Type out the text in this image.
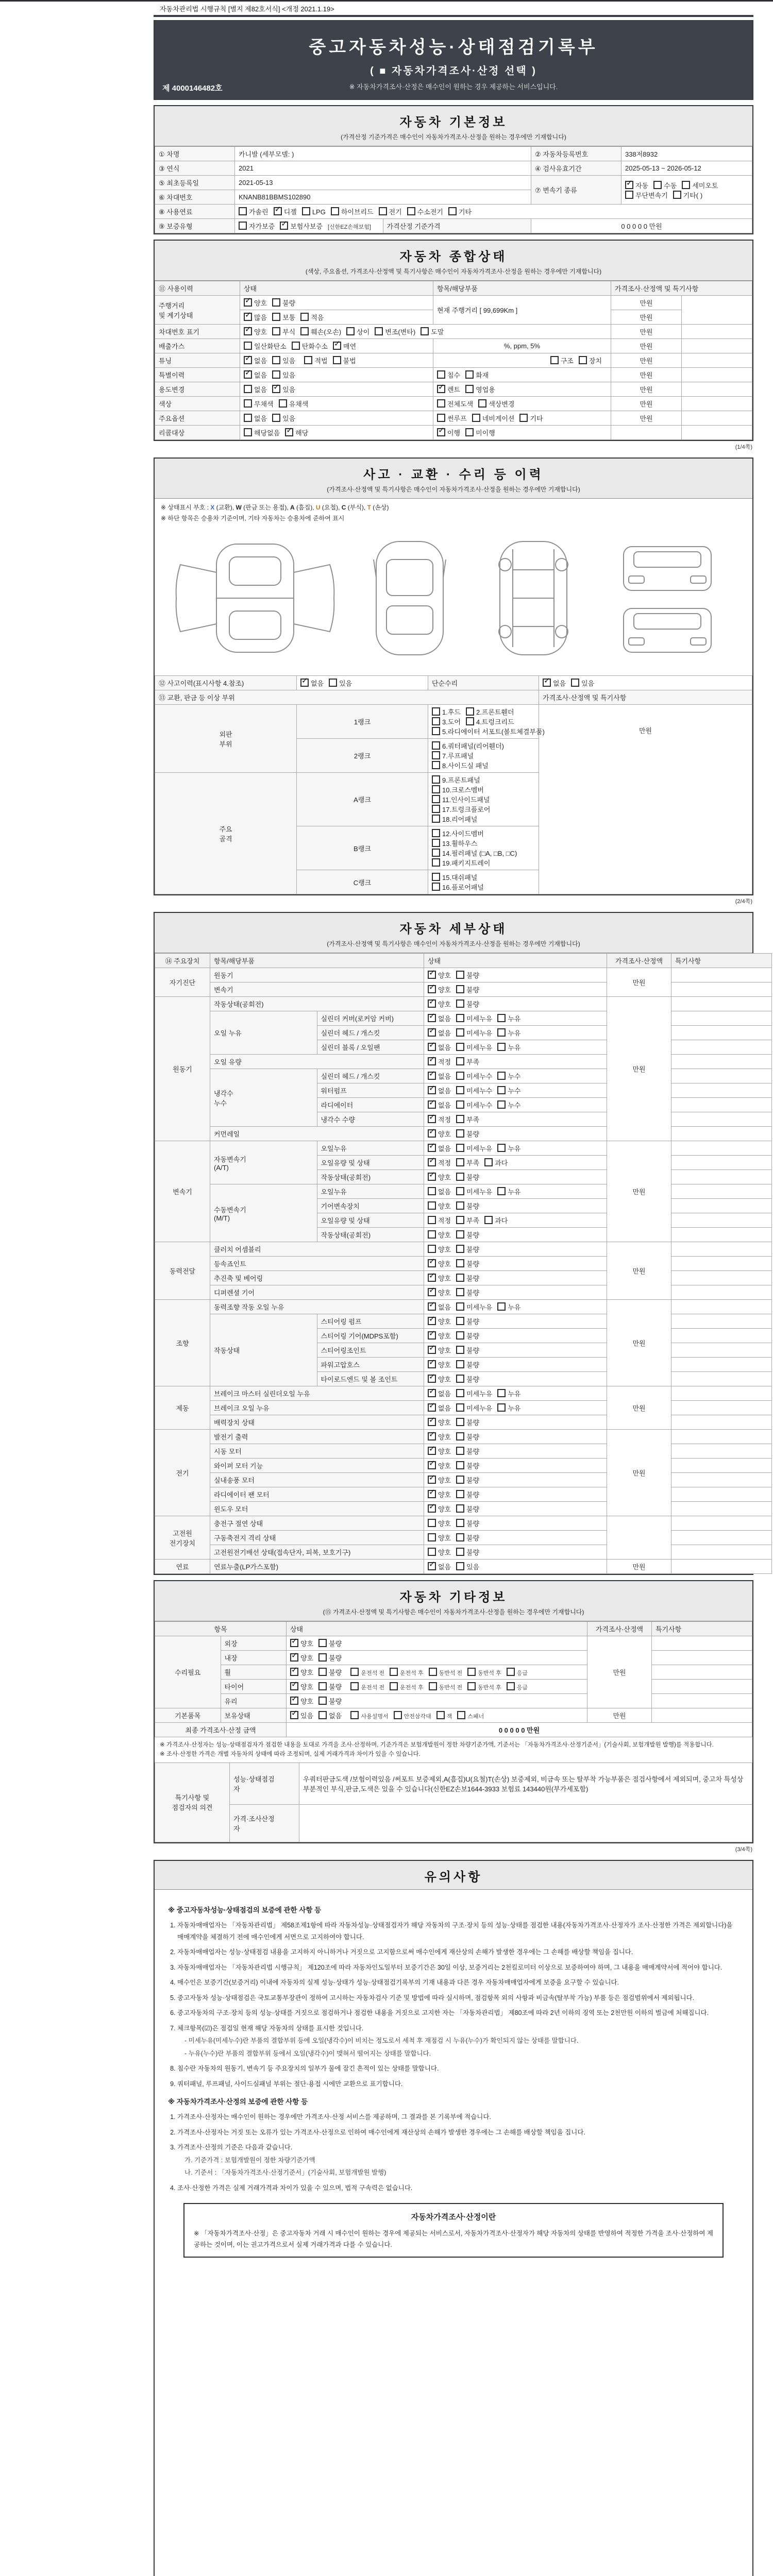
자동차관리법 시행규칙 [별지 제82호서식] <개정 2021.1.19>
중고자동차성능·상태점검기록부
( ■ 자동차가격조사·산정 선택 )
※ 자동차가격조사·산정은 매수인이 원하는 경우 제공하는 서비스입니다.
제 4000146482호
자동차 기본정보
(가격산정 기준가격은 매수인이 자동차가격조사·산정을 원하는 경우에만 기재합니다)
① 차명	카니발 (세부모델: )		② 자동차등록번호	338저8932
③ 연식	2021		④ 검사유효기간	2025-05-13 ~ 2026-05-12
⑤ 최초등록일	2021-05-13		⑦ 변속기 종류	✓자동 수동 세미오토
무단변속기 기타( )
⑥ 차대번호	KNANB81BBMS102890			
⑧ 사용연료	가솔린 ✓ 디젤 LPG 하이브리드 전기 수소전기 기타
⑨ 보증유형	자가보증 ✓ 보험사보증 [신한EZ손해보험]	가격산정 기준가격	0 0 0 0 0 만원	
자동차 종합상태
(색상, 주요옵션, 가격조사·산정액 및 특기사항은 매수인이 자동차가격조사·산정을 원하는 경우에만 기재합니다)
⑪ 사용이력	상태	항목/해당부품	가격조사·산정액 및 특기사항	
주행거리
및 계기상태	✓양호 불량	현재 주행거리 [ 99,699Km ]	만원	
✓많음 보통 적음		만원	
차대번호 표기	✓양호 부식 훼손(오손) 상이 변조(변타) 도말		만원	
배출가스	일산화탄소 탄화수소 ✓ 매연	%, ppm, 5%	만원	
튜닝	✓없음 있음 적법 불법	구조 장치	만원	
특별이력	✓없음 있음	침수 화재	만원	
용도변경	없음 ✓ 있음	✓렌트 영업용	만원	
색상	무채색 유채색	전체도색 색상변경	만원	
주요옵션	없음 있음	썬루프 네비게이션 기타	만원	
리콜대상	해당없음 ✓ 해당	✓이행 미이행		
(1/4쪽)
사고 · 교환 · 수리 등 이력
(가격조사·산정액 및 특기사항은 매수인이 자동차가격조사·산정을 원하는 경우에만 기재합니다)
※ 상태표시 부호 : X (교환), W (판금 또는 용접), A (흠집), U (요철), C (부식), T (손상)
※ 하단 항목은 승용차 기준이며, 기타 자동차는 승용차에 준하여 표시
⑫ 사고이력(표시사항 4.참조)	✓없음 있음	단순수리	✓없음 있음
⑬ 교환, 판금 등 이상 부위			가격조사·산정액 및 특기사항
외판
부위	1랭크	1.후드 2.프론트휀더3.도어 4.트렁크리드5.라디에이터 서포트(볼트체결부품)	만원
	2랭크	6.쿼터패널(리어휀더)7.루프패널8.사이드실 패널	
주요
골격	A랭크	9.프론트패널10.크로스멤버11.인사이드패널17.트렁크플로어18.리어패널	
	B랭크	12.사이드멤버13.휠하우스14.필러패널 (□A, □B, □C)19.패키지트레이	
	C랭크	15.대쉬패널16.플로어패널	
(2/4쪽)
자동차 세부상태
(가격조사·산정액 및 특기사항은 매수인이 자동차가격조사·산정을 원하는 경우에만 기재합니다)
⑭ 주요장치	항목/해당부품		상태	가격조사·산정액	특기사항
자기진단	원동기	✓양호 불량	만원	
	변속기	✓양호 불량	
원동기	작동상태(공회전)	✓양호 불량	만원	
	오일 누유	실린더 커버(로커암 커버)	✓없음 미세누유 누유	
		실린더 헤드 / 개스킷	✓없음 미세누유 누유	
		실린더 블록 / 오일팬	✓없음 미세누유 누유	
	오일 유량	✓적정 부족	
	냉각수
누수	실린더 헤드 / 개스킷	✓없음 미세누수 누수	
		워터펌프	✓없음 미세누수 누수	
		라디에이터	✓없음 미세누수 누수	
		냉각수 수량	✓적정 부족	
	커먼레일	✓양호 불량	
변속기	자동변속기
(A/T)	오일누유	✓없음 미세누유 누유	만원	
		오일유량 및 상태	✓적정 부족 과다	
		작동상태(공회전)	✓양호 불량	
	수동변속기
(M/T)	오일누유	없음 미세누유 누유		
		기어변속장치	양호 불량		
		오일유량 및 상태	적정 부족 과다		
		작동상태(공회전)	양호 불량		
동력전달	클러치 어셈블리		양호 불량	만원	
	등속죠인트	✓양호 불량	
	추진축 및 베어링	✓양호 불량	
	디퍼렌셜 기어	✓양호 불량	
조향	동력조향 작동 오일 누유	✓없음 미세누유 누유	만원	
	작동상태	스티어링 펌프	✓양호 불량	
		스티어링 기어(MDPS포함)	✓양호 불량	
		스티어링조인트	✓양호 불량	
		파워고압호스	✓양호 불량	
		타이로드엔드 및 볼 조인트	✓양호 불량	
제동	브레이크 마스터 실린더오일 누유	✓없음 미세누유 누유	만원	
	브레이크 오일 누유	✓없음 미세누유 누유	
	배력장치 상태	✓양호 불량	
전기	발전기 출력	✓양호 불량	만원	
	시동 모터	✓양호 불량	
	와이퍼 모터 기능	✓양호 불량	
	실내송풍 모터	✓양호 불량	
	라디에이터 팬 모터	✓양호 불량	
	윈도우 모터	✓양호 불량	
고전원
전기장치	충전구 절연 상태		양호 불량		
	구동축전지 격리 상태		양호 불량		
	고전원전기배선 상태(접속단자, 피복, 보호기구)		양호 불량		
연료	연료누출(LP가스포함)	✓없음 있음	만원	
자동차 기타정보
(⑮ 가격조사·산정액 및 특기사항은 매수인이 자동차가격조사·산정을 원하는 경우에만 기재합니다)
항목		상태	가격조사·산정액	특기사항
수리필요	외장	✓양호 불량	만원	
	내장	✓양호 불량	
	휠	✓양호 불량 운전석 전 운전석 후 동반석 전 동반석 후 응급	
	타이어	✓양호 불량 운전석 전 운전석 후 동반석 전 동반석 후 응급	
	유리	✓양호 불량	
기본품목	보유상태	✓있음 없음 사용설명서 안전삼각대 잭 스패너	만원	
최종 가격조사·산정 금액		0 0 0 0 0 만원		
※ 가격조사·산정자는 성능·상태점검자가 점검한 내용을 토대로 가격을 조사·산정하며, 기준가격은 보험개발원이 정한 차량기준가액, 기준서는 「자동차가격조사·산정기준서」(기술사회, 보험개발원 발행)를 적용합니다.
※ 조사·산정한 가격은 개별 자동차의 상태에 따라 조정되며, 실제 거래가격과 차이가 있을 수 있습니다.
특기사항 및
점검자의 의견	성능·상태점검
자	우쿼터판금도색 /보험이력있음 /써포트 보증제외,A(흠집)U(요철)T(손상) 보증제외, 비금속 또는 탈부착 가능부품은 점검사항에서 제외되며, 중고차 특성상 부분적인 부식,판금,도색은 있을 수 있습니다(신한EZ손보1644-3933 보험료 143440원(부가세포함)
	가격·조사산정
자	
(3/4쪽)
유의사항
※ 중고자동차성능·상태점검의 보증에 관한 사항 등
1. 자동차매매업자는 「자동차관리법」 제58조제1항에 따라 자동차성능·상태점검자가 해당 자동차의 구조·장치 등의 성능·상태를 점검한 내용(자동차가격조사·산정자가 조사·산정한 가격은 제외합니다)을 매매계약을 체결하기 전에 매수인에게 서면으로 고지하여야 합니다.
2. 자동차매매업자는 성능·상태점검 내용을 고지하지 아니하거나 거짓으로 고지함으로써 매수인에게 재산상의 손해가 발생한 경우에는 그 손해를 배상할 책임을 집니다.
3. 자동차매매업자는 「자동차관리법 시행규칙」 제120조에 따라 자동차인도일부터 보증기간은 30일 이상, 보증거리는 2천킬로미터 이상으로 보증하여야 하며, 그 내용을 매매계약서에 적어야 합니다.
4. 매수인은 보증기간(보증거리) 이내에 자동차의 실제 성능·상태가 성능·상태점검기록부의 기재 내용과 다른 경우 자동차매매업자에게 보증을 요구할 수 있습니다.
5. 중고자동차 성능·상태점검은 국토교통부장관이 정하여 고시하는 자동차검사 기준 및 방법에 따라 실시하며, 점검항목 외의 사항과 비금속(탈부착 가능) 부품 등은 점검범위에서 제외됩니다.
6. 중고자동차의 구조·장치 등의 성능·상태를 거짓으로 점검하거나 점검한 내용을 거짓으로 고지한 자는 「자동차관리법」 제80조에 따라 2년 이하의 징역 또는 2천만원 이하의 벌금에 처해집니다.
7. 체크항목(☑)은 점검일 현재 해당 자동차의 상태를 표시한 것입니다.
- 미세누유(미세누수)란 부품의 결합부위 등에 오일(냉각수)이 비치는 정도로서 세척 후 재점검 시 누유(누수)가 확인되지 않는 상태를 말합니다.
- 누유(누수)란 부품의 결합부위 등에서 오일(냉각수)이 맺혀서 떨어지는 상태를 말합니다.
8. 침수란 자동차의 원동기, 변속기 등 주요장치의 일부가 물에 잠긴 흔적이 있는 상태를 말합니다.
9. 쿼터패널, 루프패널, 사이드실패널 부위는 절단·용접 시에만 교환으로 표기합니다.
※ 자동차가격조사·산정의 보증에 관한 사항 등
1. 가격조사·산정자는 매수인이 원하는 경우에만 가격조사·산정 서비스를 제공하며, 그 결과를 본 기록부에 적습니다.
2. 가격조사·산정자는 거짓 또는 오류가 있는 가격조사·산정으로 인하여 매수인에게 재산상의 손해가 발생한 경우에는 그 손해를 배상할 책임을 집니다.
3. 가격조사·산정의 기준은 다음과 같습니다.
가. 기준가격 : 보험개발원이 정한 차량기준가액
나. 기준서 : 「자동차가격조사·산정기준서」(기술사회, 보험개발원 발행)
4. 조사·산정한 가격은 실제 거래가격과 차이가 있을 수 있으며, 법적 구속력은 없습니다.
자동차가격조사·산정이란
※ 「자동차가격조사·산정」은 중고자동차 거래 시 매수인이 원하는 경우에 제공되는 서비스로서, 자동차가격조사·산정자가 해당 자동차의 상태를 반영하여 적정한 가격을 조사·산정하여 제공하는 것이며, 이는 권고가격으로서 실제 거래가격과 다를 수 있습니다.
